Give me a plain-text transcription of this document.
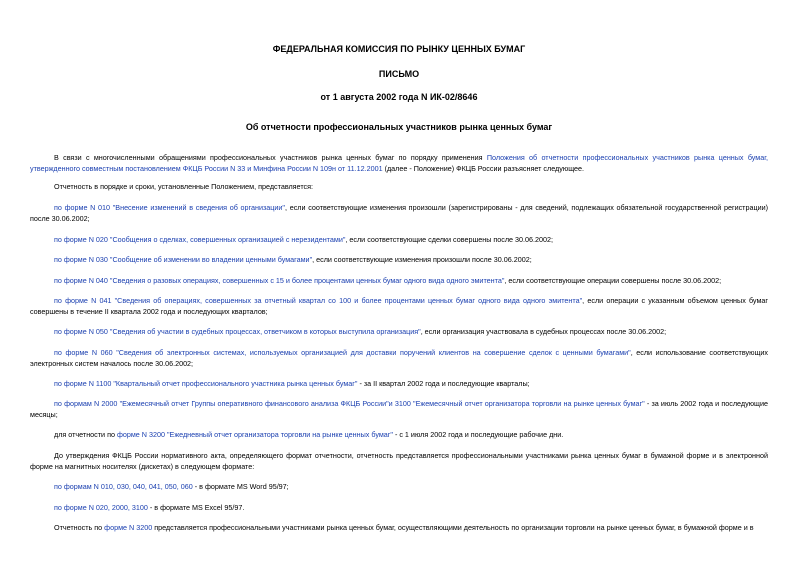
ФЕДЕРАЛЬНАЯ КОМИССИЯ ПО РЫНКУ ЦЕННЫХ БУМАГ
ПИСЬМО
от 1 августа 2002 года N ИК-02/8646
Об отчетности профессиональных участников рынка ценных бумаг
В связи с многочисленными обращениями профессиональных участников рынка ценных бумаг по порядку применения Положения об отчетности профессиональных участников рынка ценных бумаг, утвержденного совместным постановлением ФКЦБ России N 33 и Минфина России N 109н от 11.12.2001 (далее - Положение) ФКЦБ России разъясняет следующее.
Отчетность в порядке и сроки, установленные Положением, представляется:
по форме N 010 "Внесение изменений в сведения об организации", если соответствующие изменения произошли (зарегистрированы - для сведений, подлежащих обязательной государственной регистрации) после 30.06.2002;
по форме N 020 "Сообщения о сделках, совершенных организацией с нерезидентами", если соответствующие сделки совершены после 30.06.2002;
по форме N 030 "Сообщение об изменении во владении ценными бумагами", если соответствующие изменения произошли после 30.06.2002;
по форме N 040 "Сведения о разовых операциях, совершенных с 15 и более процентами ценных бумаг одного вида одного эмитента", если соответствующие операции совершены после 30.06.2002;
по форме N 041 "Сведения об операциях, совершенных за отчетный квартал со 100 и более процентами ценных бумаг одного вида одного эмитента", если операции с указанным объемом ценных бумаг совершены в течение II квартала 2002 года и последующих кварталов;
по форме N 050 "Сведения об участии в судебных процессах, ответчиком в которых выступила организация", если организация участвовала в судебных процессах после 30.06.2002;
по форме N 060 "Сведения об электронных системах, используемых организацией для доставки поручений клиентов на совершение сделок с ценными бумагами", если использование соответствующих электронных систем началось после 30.06.2002;
по форме N 1100 "Квартальный отчет профессионального участника рынка ценных бумаг" - за II квартал 2002 года и последующие кварталы;
по формам N 2000 "Ежемесячный отчет Группы оперативного финансового анализа ФКЦБ России"и 3100 "Ежемесячный отчет организатора торговли на рынке ценных бумаг" - за июль 2002 года и последующие месяцы;
для отчетности по форме N 3200 "Ежедневный отчет организатора торговли на рынке ценных бумаг" - с 1 июля 2002 года и последующие рабочие дни.
До утверждения ФКЦБ России нормативного акта, определяющего формат отчетности, отчетность представляется профессиональными участниками рынка ценных бумаг в бумажной форме и в электронной форме на магнитных носителях (дискетах) в следующем формате:
по формам N 010, 030, 040, 041, 050, 060 - в формате MS Word 95/97;
по форме N 020, 2000, 3100 - в формате MS Excel 95/97.
Отчетность по форме N 3200 представляется профессиональными участниками рынка ценных бумаг, осуществляющими деятельность по организации торговли на рынке ценных бумаг, в бумажной форме и в
